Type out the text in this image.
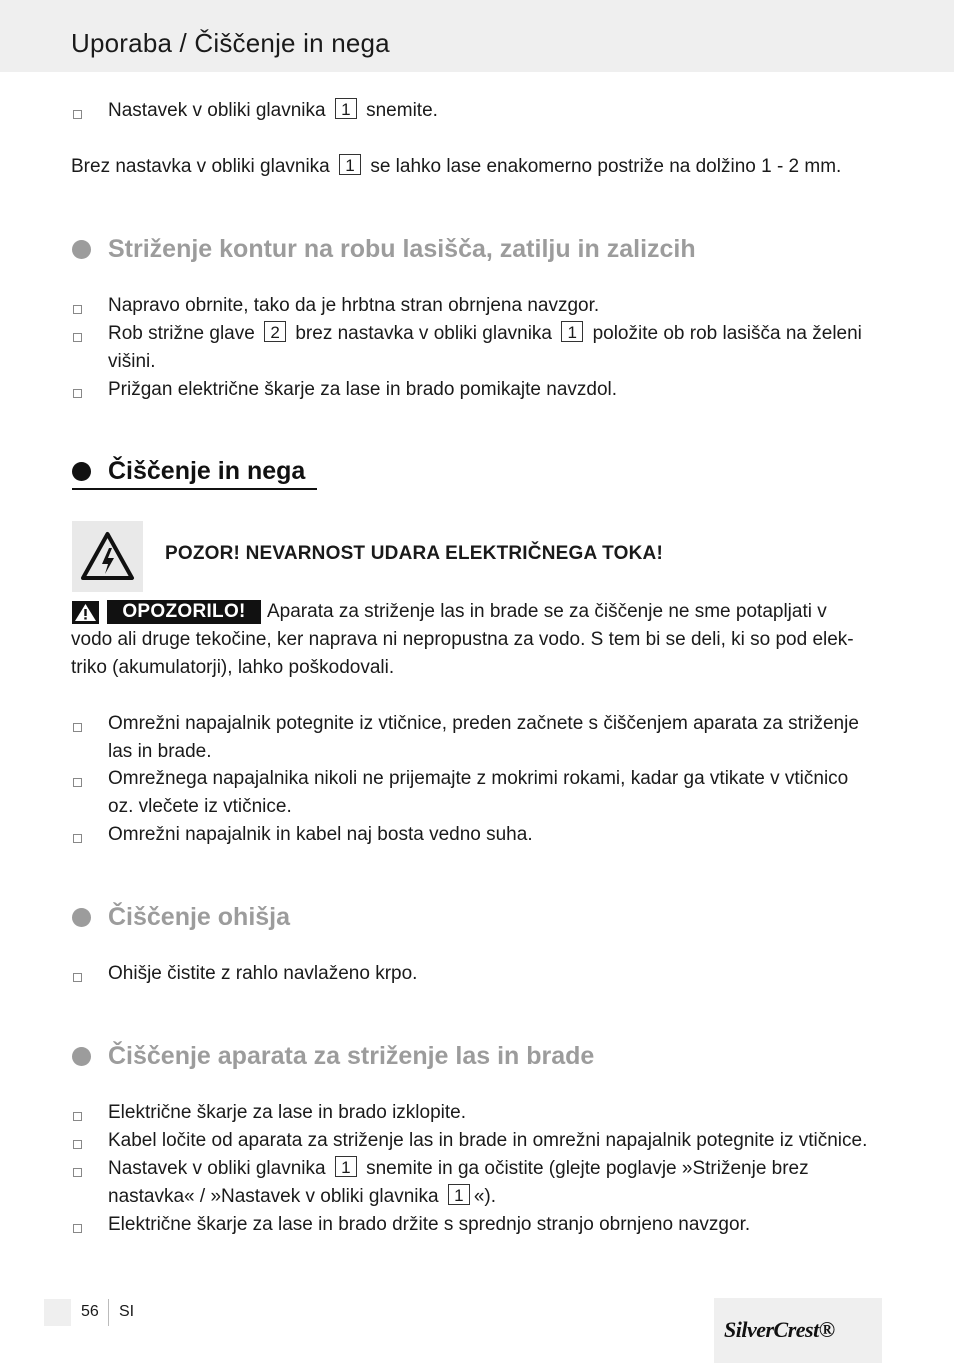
Uporaba / Čiščenje in nega
Nastavek v obliki glavnika 1 snemite.
Brez nastavka v obliki glavnika 1 se lahko lase enakomerno postriže na dolžino 1 - 2 mm.
Striženje kontur na robu lasišča, zatilju in zalizcih
Napravo obrnite, tako da je hrbtna stran obrnjena navzgor.
Rob strižne glave 2 brez nastavka v obliki glavnika 1 položite ob rob lasišča na želeni
višini.
Prižgan električne škarje za lase in brado pomikajte navzdol.
Čiščenje in nega
POZOR! NEVARNOST UDARA ELEKTRIČNEGA TOKA!
OPOZORILO!	Aparata za striženje las in brade se za čiščenje ne sme potapljati v
vodo ali druge tekočine, ker naprava ni nepropustna za vodo. S tem bi se deli, ki so pod elek-
triko (akumulatorji), lahko poškodovali.
Omrežni napajalnik potegnite iz vtičnice, preden začnete s čiščenjem aparata za striženje
las in brade.
Omrežnega napajalnika nikoli ne prijemajte z mokrimi rokami, kadar ga vtikate v vtičnico
oz. vlečete iz vtičnice.
Omrežni napajalnik in kabel naj bosta vedno suha.
Čiščenje ohišja
Ohišje čistite z rahlo navlaženo krpo.
Čiščenje aparata za striženje las in brade
Električne škarje za lase in brado izklopite.
Kabel ločite od aparata za striženje las in brade in omrežni napajalnik potegnite iz vtičnice.
Nastavek v obliki glavnika 1 snemite in ga očistite (glejte poglavje »Striženje brez
nastavka« / »Nastavek v obliki glavnika 1 «).
Električne škarje za lase in brado držite s sprednjo stranjo obrnjeno navzgor.
56 SI
SilverCrest®
